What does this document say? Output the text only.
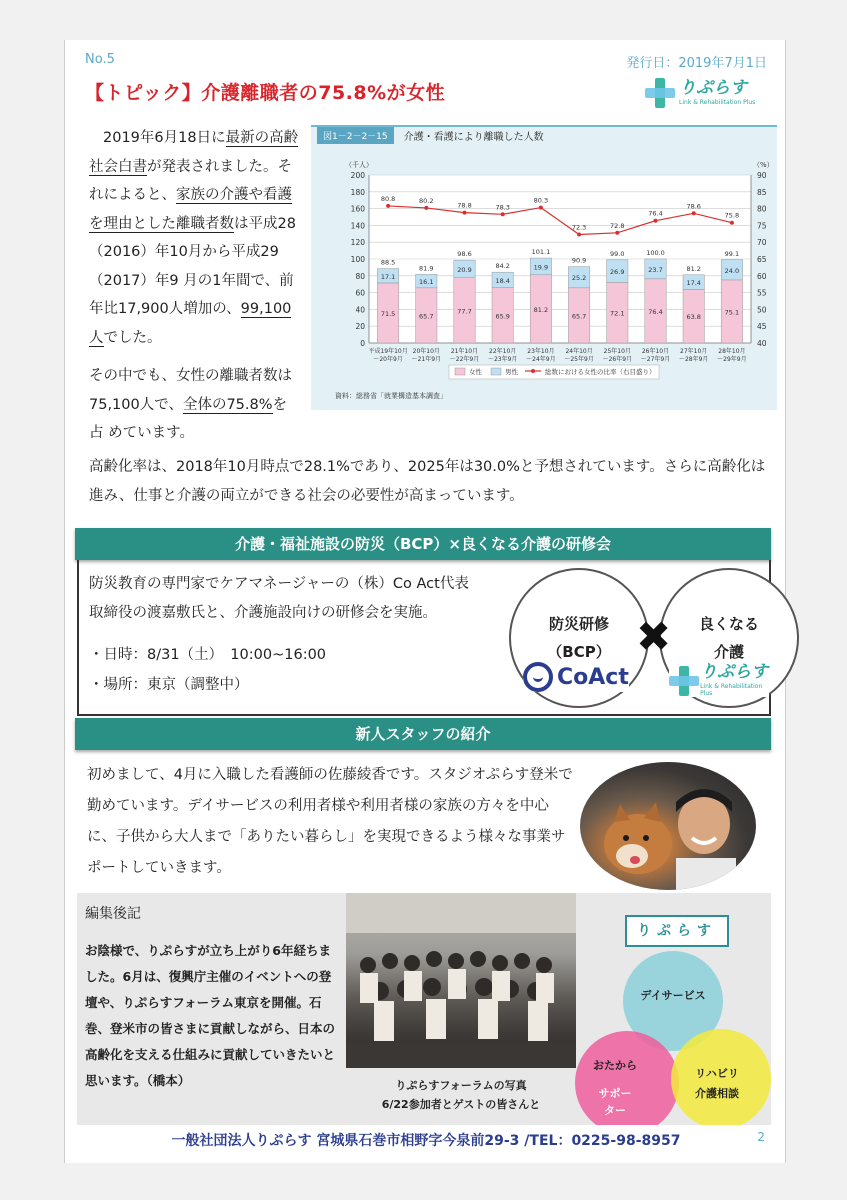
No.5	発行日：2019年7月1日
【トピック】介護離職者の75.8%が女性	りぷらす
Link & Rehabilitation Plus

2019年6月18日に最新の高齢社会白書が発表されました。それによると、家族の介護や看護を理由とした離職者数は平成28（2016）年10月から平成29（2017）年9 月の1年間で、前年比17,900人増加の、99,100人でした。

その中でも、女性の離職者数は75,100人で、全体の75.8%を占 めています。

図1－2－2－15	介護・看護により離職した人数
0
20
40
60
80
100
120
140
160
180
200
40
45
50
55
60
65
70
75
80
85
90
（千人）	（%）
71.5
17.1
88.5
平成19年10月
～20年9月
65.7
16.1
81.9
20年10月
～21年9月
77.7
20.9
98.6
21年10月
～22年9月
65.9
18.4
84.2
22年10月
～23年9月
81.2
19.9
101.1
23年10月
～24年9月
65.7
25.2
90.9
24年10月
～25年9月
72.1
26.9
99.0
25年10月
～26年9月
76.4
23.7
100.0
26年10月
～27年9月
63.8
17.4
81.2
27年10月
～28年9月
75.1
24.0
99.1
28年10月
～29年9月
80.8	80.2
78.8	78.3
80.3
72.3	72.8
76.4
78.6
75.8
女性	男性	総数における女性の比率（右目盛り）
資料：総務省「就業構造基本調査」
高齢化率は、2018年10月時点で28.1%であり、2025年は30.0%と予想されています。さらに高齢化は進み、仕事と介護の両立ができる社会の必要性が高まっています。
介護・福祉施設の防災（BCP）×良くなる介護の研修会
防災教育の専門家でケアマネージャーの（株）Co Act代表
取締役の渡嘉敷氏と、介護施設向けの研修会を実施。
・日時：8/31（土）　10:00~16:00
・場所：東京（調整中）
防災研修
（BCP）
良くなる
介護
✖
CoAct	りぷらす
Link & Rehabilitation Plus
新人スタッフの紹介
初めまして、4月に入職した看護師の佐藤綾香です。スタジオぷらす登米で勤めています。デイサービスの利用者様や利用者様の家族の方々を中心に、子供から大人まで「ありたい暮らし」を実現できるよう様々な事業サポートしていきます。
編集後記
お陰様で、りぷらすが立ち上がり6年経ちました。6月は、復興庁主催のイベントへの登壇や、りぷらすフォーラム東京を開催。石巻、登米市の皆さまに貢献しながら、日本の高齢化を支える仕組みに貢献していきたいと思います。（橋本）	りぷらすフォーラムの写真
6/22参加者とゲストの皆さんと
りぷらす
デイサービス
おたから
サポー
ター
リハビリ
介護相談
一般社団法人りぷらす 宮城県石巻市相野字今泉前29-3 /TEL：0225-98-8957	2
